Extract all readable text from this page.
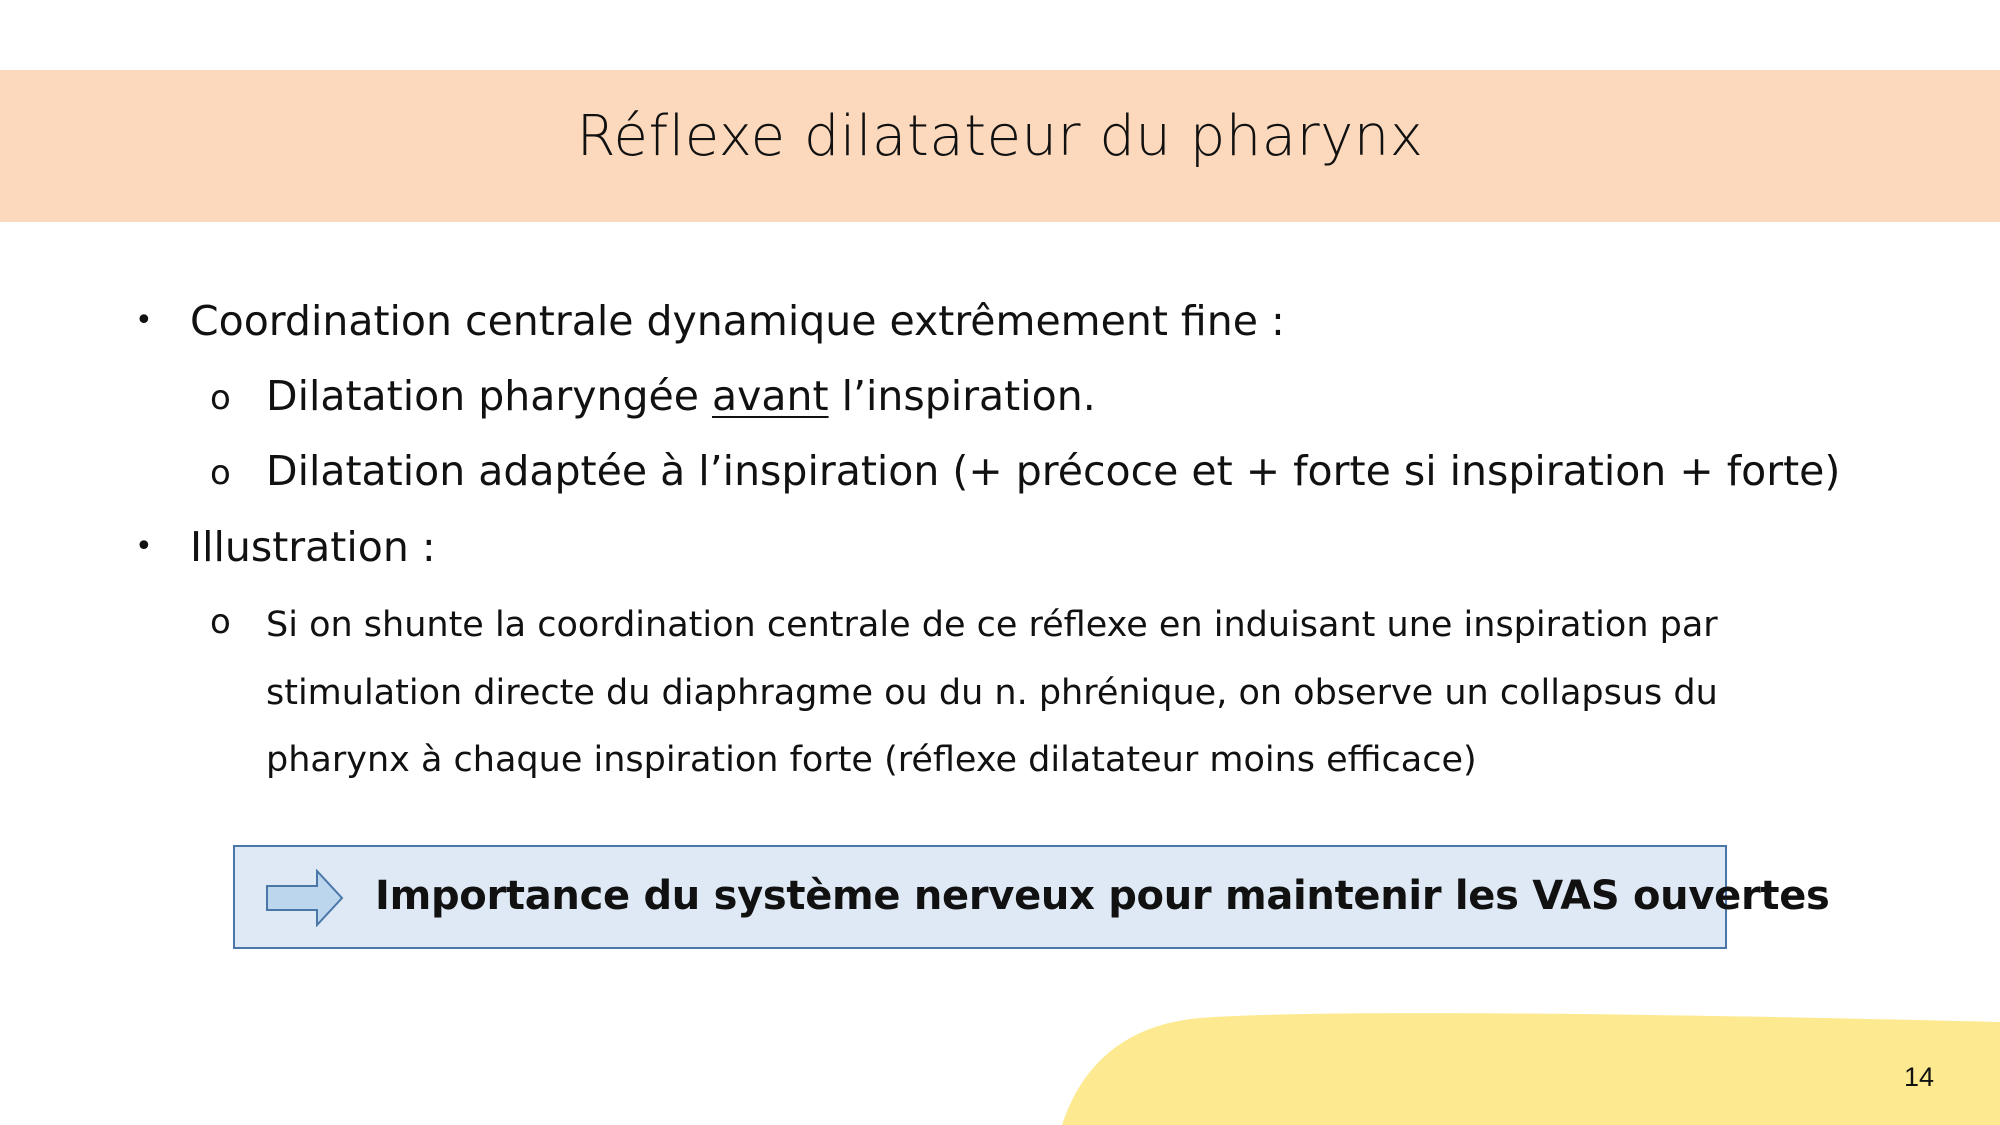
Réflexe dilatateur du pharynx
• Coordination centrale dynamique extrêmement fine :
o Dilatation pharyngée avant l’inspiration.
o Dilatation adaptée à l’inspiration (+ précoce et + forte si inspiration + forte)
• Illustration :
o Si on shunte la coordination centrale de ce réflexe en induisant une inspiration par stimulation directe du diaphragme ou du n. phrénique, on observe un collapsus du pharynx à chaque inspiration forte (réflexe dilatateur moins efficace)
Importance du système nerveux pour maintenir les VAS ouvertes
14
